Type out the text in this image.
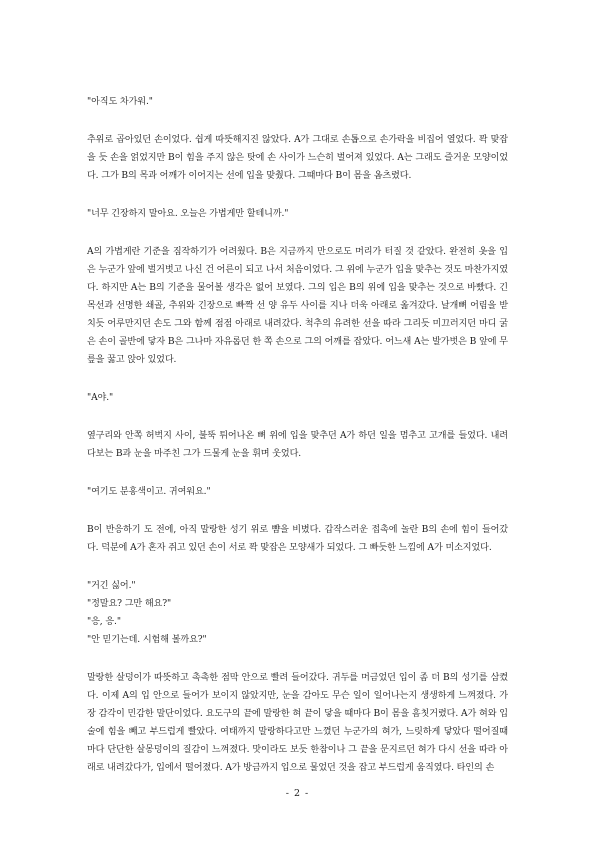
"아직도 차가워."

추위로 곱아있던 손이었다. 쉽게 따뜻해지진 않았다. A가 그대로 손톱으로 손가락을 비집어 열었다. 꽉 맞잡을 듯 손을 얽었지만 B이 힘을 주지 않은 탓에 손 사이가 느슨히 벌어져 있었다. A는 그래도 즐거운 모양이었다. 그가 B의 목과 어깨가 이어지는 선에 입을 맞췄다. 그때마다 B이 몸을 옴츠렸다.

"너무 긴장하지 말아요. 오늘은 가볍게만 할테니까."

A의 가볍게란 기준을 짐작하기가 어려웠다. B은 지금까지 만으로도 머리가 터질 것 같았다. 완전히 옷을 입은 누군가 앞에 벌거벗고 나신 건 어른이 되고 나서 처음이었다. 그 위에 누군가 입을 맞추는 것도 마찬가지였다. 하지만 A는 B의 기준을 물어볼 생각은 없어 보였다. 그의 입은 B의 위에 입을 맞추는 것으로 바빴다. 긴 목선과 선명한 쇄골, 추위와 긴장으로 빠짝 선 양 유두 사이를 지나 더욱 아래로 옮겨갔다. 날개뼈 어림을 받치듯 어루만지던 손도 그와 함께 점점 아래로 내려갔다. 척추의 유려한 선을 따라 그리듯 미끄러지던 마디 굵은 손이 골반에 닿자 B은 그나마 자유롭던 한 쪽 손으로 그의 어깨를 잡았다. 어느새 A는 발가벗은 B 앞에 무릎을 꿇고 앉아 있었다.

"A야."

옆구리와 안쪽 허벅지 사이, 불뚝 튀어나온 뼈 위에 입을 맞추던 A가 하던 일을 멈추고 고개를 들었다. 내려다보는 B과 눈을 마주친 그가 드물게 눈을 휘며 웃었다.

"여기도 분홍색이고. 귀여워요."

B이 반응하기 도 전에, 아직 말랑한 성기 위로 뺨을 비볐다. 갑작스러운 접촉에 놀란 B의 손에 힘이 들어갔다. 덕분에 A가 혼자 쥐고 있던 손이 서로 꽉 맞잡은 모양새가 되었다. 그 빠듯한 느낌에 A가 미소지었다.

"거긴 싫어."

"정말요? 그만 해요?"

"응, 응."

"안 믿기는데. 시험해 볼까요?"

말랑한 살덩이가 따뜻하고 촉촉한 점막 안으로 빨려 들어갔다. 귀두를 머금었던 입이 좀 더 B의 성기를 삼켰다. 이제 A의 입 안으로 들어가 보이지 않았지만, 눈을 감아도 무슨 일이 일어나는지 생생하게 느껴졌다. 가장 감각이 민감한 말단이었다. 요도구의 끝에 말랑한 혀 끝이 닿을 때마다 B이 몸을 흠칫거렸다. A가 혀와 입술에 힘을 빼고 부드럽게 빨았다. 여태까지 말랑하다고만 느꼈던 누군가의 혀가, 느릿하게 닿았다 떨어질때마다 단단한 살몽덩이의 질감이 느껴졌다. 맛이라도 보듯 한참이나 그 끝을 문지르던 혀가 다시 선을 따라 아래로 내려갔다가, 입에서 떨어졌다. A가 방금까지 입으로 물었던 것을 잡고 부드럽게 움직였다. 타인의 손

- 2 -
